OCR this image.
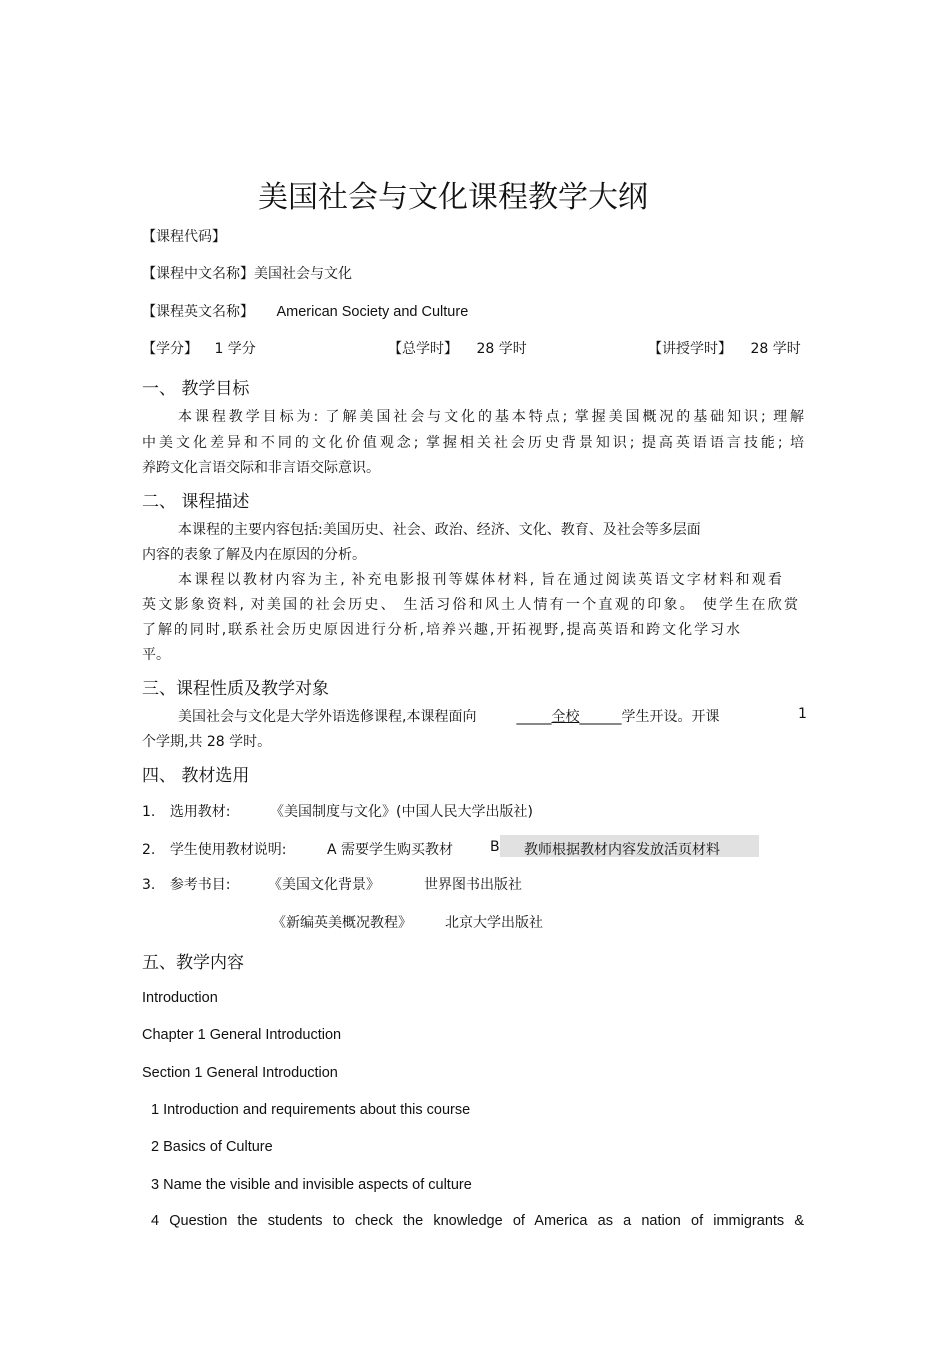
美国社会与文化课程教学大纲
【课程代码】
【课程中文名称】美国社会与文化
【课程英文名称】 American Society and Culture
【学分】 1 学分	【总学时】 28 学时	【讲授学时】 28 学时
一、 教学目标
本课程教学目标为: 了解美国社会与文化的基本特点; 掌握美国概况的基础知识; 理解
中美文化差异和不同的文化价值观念; 掌握相关社会历史背景知识; 提高英语语言技能; 培
养跨文化言语交际和非言语交际意识。
二、 课程描述
本课程的主要内容包括:美国历史、社会、政治、经济、文化、教育、及社会等多层面
内容的表象了解及内在原因的分析。
本课程以教材内容为主, 补充电影报刊等媒体材料, 旨在通过阅读英语文字材料和观看
英文影象资料, 对美国的社会历史、 生活习俗和风土人情有一个直观的印象。 使学生在欣赏
了解的同时,联系社会历史原因进行分析,培养兴趣,开拓视野,提高英语和跨文化学习水
平。
三、课程性质及教学对象
美国社会与文化是大学外语选修课程,本课程面向	_____全校______学生开设。开课	1
个学期,共 28 学时。
四、 教材选用
1. 选用教材:	《美国制度与文化》(中国人民大学出版社)
2. 学生使用教材说明:	A 需要学生购买教材	B 教师根据教材内容发放活页材料
3. 参考书目:	《美国文化背景》	世界图书出版社
《新编英美概况教程》 北京大学出版社
五、教学内容
Introduction
Chapter 1 General Introduction
Section 1 General Introduction
1 Introduction and requirements about this course
2 Basics of Culture
3 Name the visible and invisible aspects of culture
4 Question the students to check the knowledge of America as a nation of immigrants &
